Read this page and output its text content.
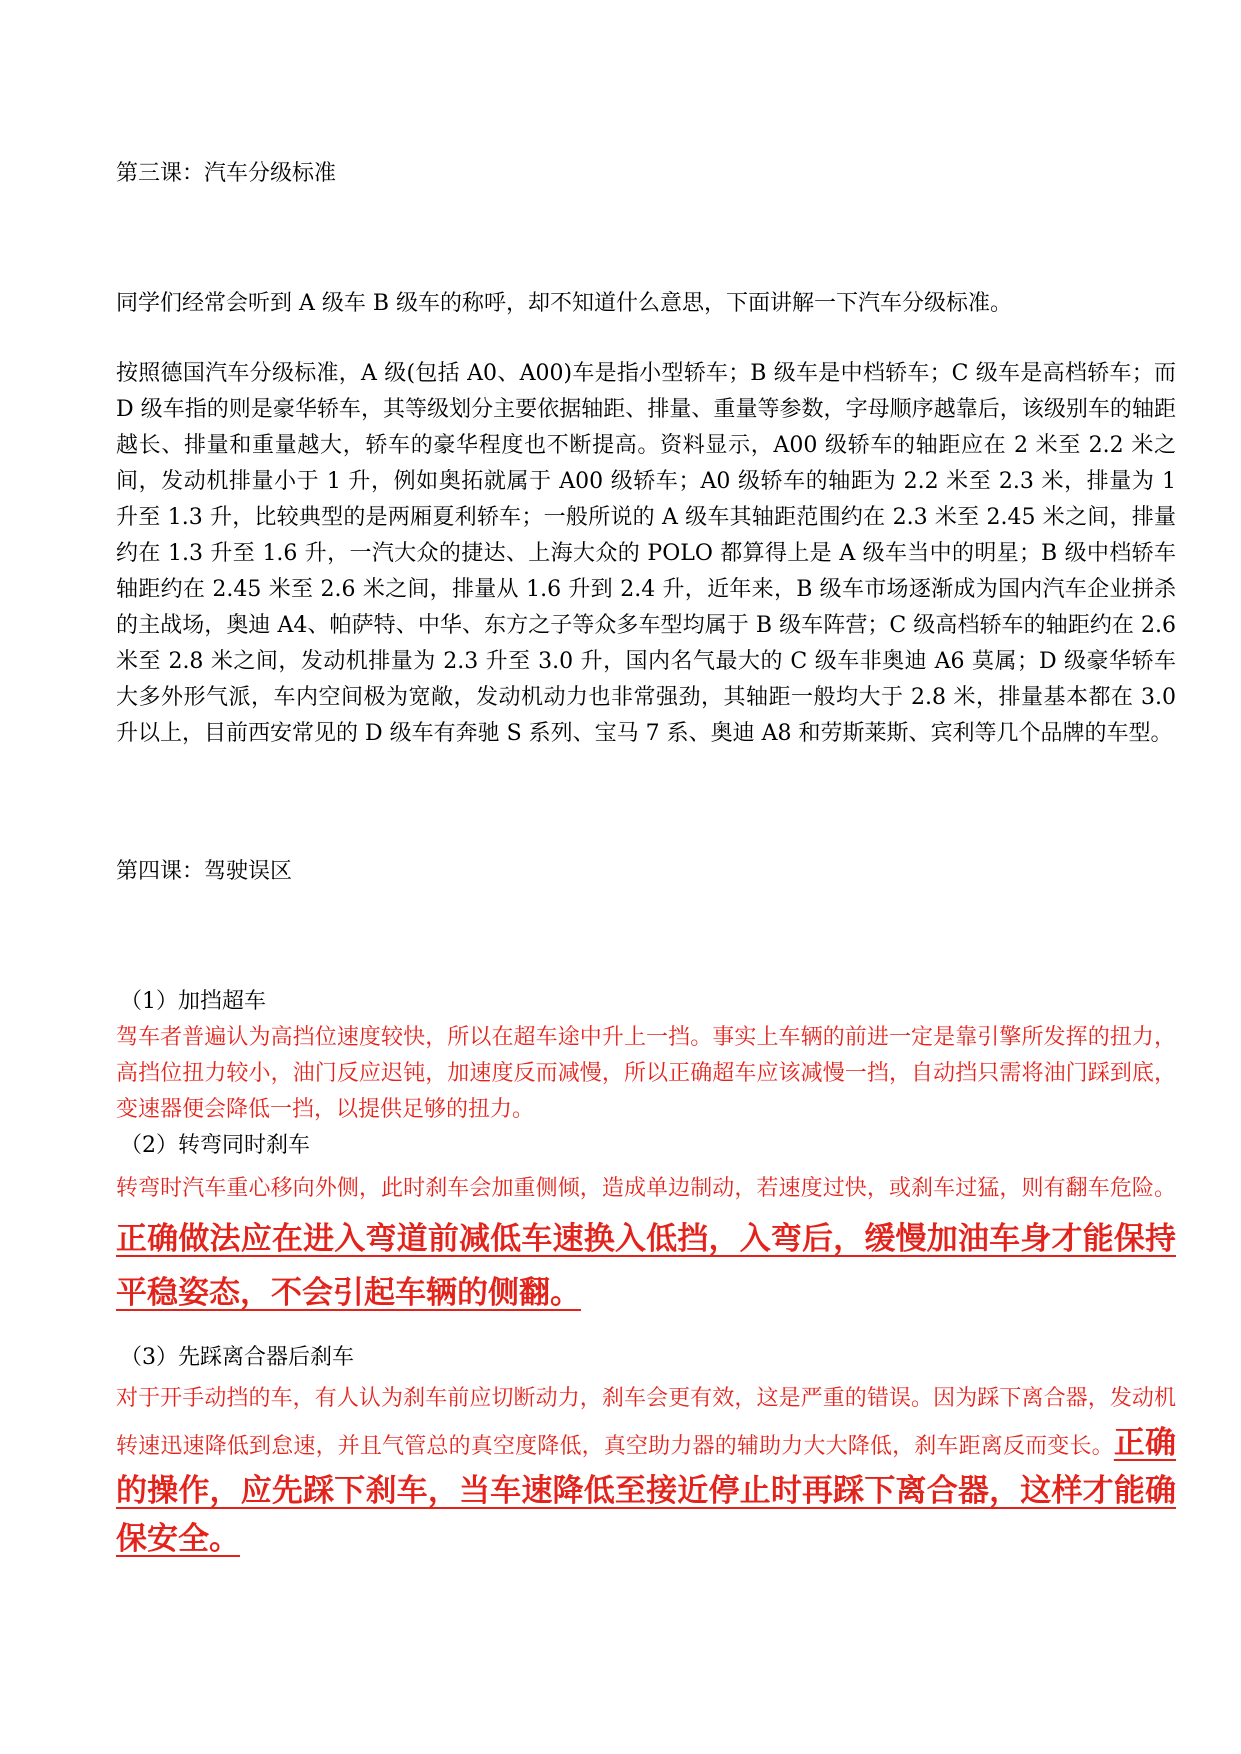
第三课：汽车分级标准
同学们经常会听到 A 级车 B 级车的称呼，却不知道什么意思，下面讲解一下汽车分级标准。
按照德国汽车分级标准，A 级(包括 A0、A00)车是指小型轿车；B 级车是中档轿车；C 级车是高档轿车；而 D 级车指的则是豪华轿车，其等级划分主要依据轴距、排量、重量等参数，字母顺序越靠后，该级别车的轴距越长、排量和重量越大，轿车的豪华程度也不断提高。资料显示，A00 级轿车的轴距应在 2 米至 2.2 米之间，发动机排量小于 1 升，例如奥拓就属于 A00 级轿车；A0 级轿车的轴距为 2.2 米至 2.3 米，排量为 1 升至 1.3 升，比较典型的是两厢夏利轿车；一般所说的 A 级车其轴距范围约在 2.3 米至 2.45 米之间，排量约在 1.3 升至 1.6 升，一汽大众的捷达、上海大众的 POLO 都算得上是 A 级车当中的明星；B 级中档轿车轴距约在 2.45 米至 2.6 米之间，排量从 1.6 升到 2.4 升，近年来，B 级车市场逐渐成为国内汽车企业拼杀的主战场，奥迪 A4、帕萨特、中华、东方之子等众多车型均属于 B 级车阵营；C 级高档轿车的轴距约在 2.6 米至 2.8 米之间，发动机排量为 2.3 升至 3.0 升，国内名气最大的 C 级车非奥迪 A6 莫属；D 级豪华轿车大多外形气派，车内空间极为宽敞，发动机动力也非常强劲，其轴距一般均大于 2.8 米，排量基本都在 3.0 升以上，目前西安常见的 D 级车有奔驰 S 系列、宝马 7 系、奥迪 A8 和劳斯莱斯、宾利等几个品牌的车型。
第四课：驾驶误区
（1）加挡超车
驾车者普遍认为高挡位速度较快，所以在超车途中升上一挡。事实上车辆的前进一定是靠引擎所发挥的扭力，高挡位扭力较小，油门反应迟钝，加速度反而减慢，所以正确超车应该减慢一挡，自动挡只需将油门踩到底，变速器便会降低一挡，以提供足够的扭力。
（2）转弯同时刹车
转弯时汽车重心移向外侧，此时刹车会加重侧倾，造成单边制动，若速度过快，或刹车过猛，则有翻车危险。正确做法应在进入弯道前减低车速换入低挡，入弯后，缓慢加油车身才能保持平稳姿态，不会引起车辆的侧翻。
（3）先踩离合器后刹车
对于开手动挡的车，有人认为刹车前应切断动力，刹车会更有效，这是严重的错误。因为踩下离合器，发动机转速迅速降低到怠速，并且气管总的真空度降低，真空助力器的辅助力大大降低，刹车距离反而变长。正确的操作，应先踩下刹车，当车速降低至接近停止时再踩下离合器，这样才能确保安全。
